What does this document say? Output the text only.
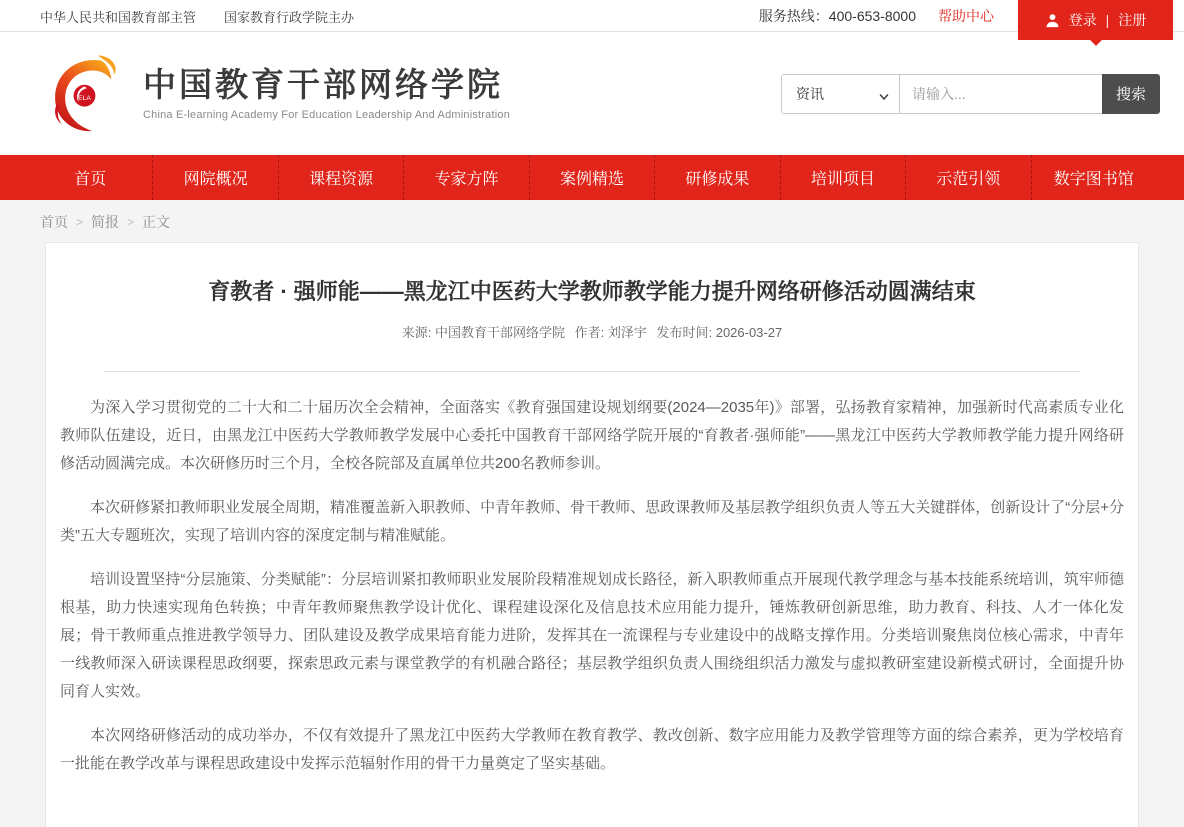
中华人民共和国教育部主管 国家教育行政学院主办	服务热线：400-653-8000 帮助中心	登录 | 注册
ELA 中国教育干部网络学院
China E-learning Academy For Education Leadership And Administration
资讯
请输入...	搜索
首页	网院概况	课程资源	专家方阵	案例精选	研修成果	培训项目	示范引领	数字图书馆
首页 > 简报 > 正文
育教者 · 强师能——黑龙江中医药大学教师教学能力提升网络研修活动圆满结束
来源: 中国教育干部网络学院 作者: 刘泽宇 发布时间: 2026-03-27

为深入学习贯彻党的二十大和二十届历次全会精神，全面落实《教育强国建设规划纲要(2024—2035年)》部署，弘扬教育家精神，加强新时代高素质专业化教师队伍建设，近日，由黑龙江中医药大学教师教学发展中心委托中国教育干部网络学院开展的“育教者·强师能”——黑龙江中医药大学教师教学能力提升网络研修活动圆满完成。本次研修历时三个月，全校各院部及直属单位共200名教师参训。

本次研修紧扣教师职业发展全周期，精准覆盖新入职教师、中青年教师、骨干教师、思政课教师及基层教学组织负责人等五大关键群体，创新设计了“分层+分类”五大专题班次，实现了培训内容的深度定制与精准赋能。

培训设置坚持“分层施策、分类赋能”：分层培训紧扣教师职业发展阶段精准规划成长路径，新入职教师重点开展现代教学理念与基本技能系统培训，筑牢师德根基，助力快速实现角色转换；中青年教师聚焦教学设计优化、课程建设深化及信息技术应用能力提升，锤炼教研创新思维，助力教育、科技、人才一体化发展；骨干教师重点推进教学领导力、团队建设及教学成果培育能力进阶，发挥其在一流课程与专业建设中的战略支撑作用。分类培训聚焦岗位核心需求，中青年一线教师深入研读课程思政纲要，探索思政元素与课堂教学的有机融合路径；基层教学组织负责人围绕组织活力激发与虚拟教研室建设新模式研讨，全面提升协同育人实效。

本次网络研修活动的成功举办，不仅有效提升了黑龙江中医药大学教师在教育教学、教改创新、数字应用能力及教学管理等方面的综合素养，更为学校培育一批能在教学改革与课程思政建设中发挥示范辐射作用的骨干力量奠定了坚实基础。
